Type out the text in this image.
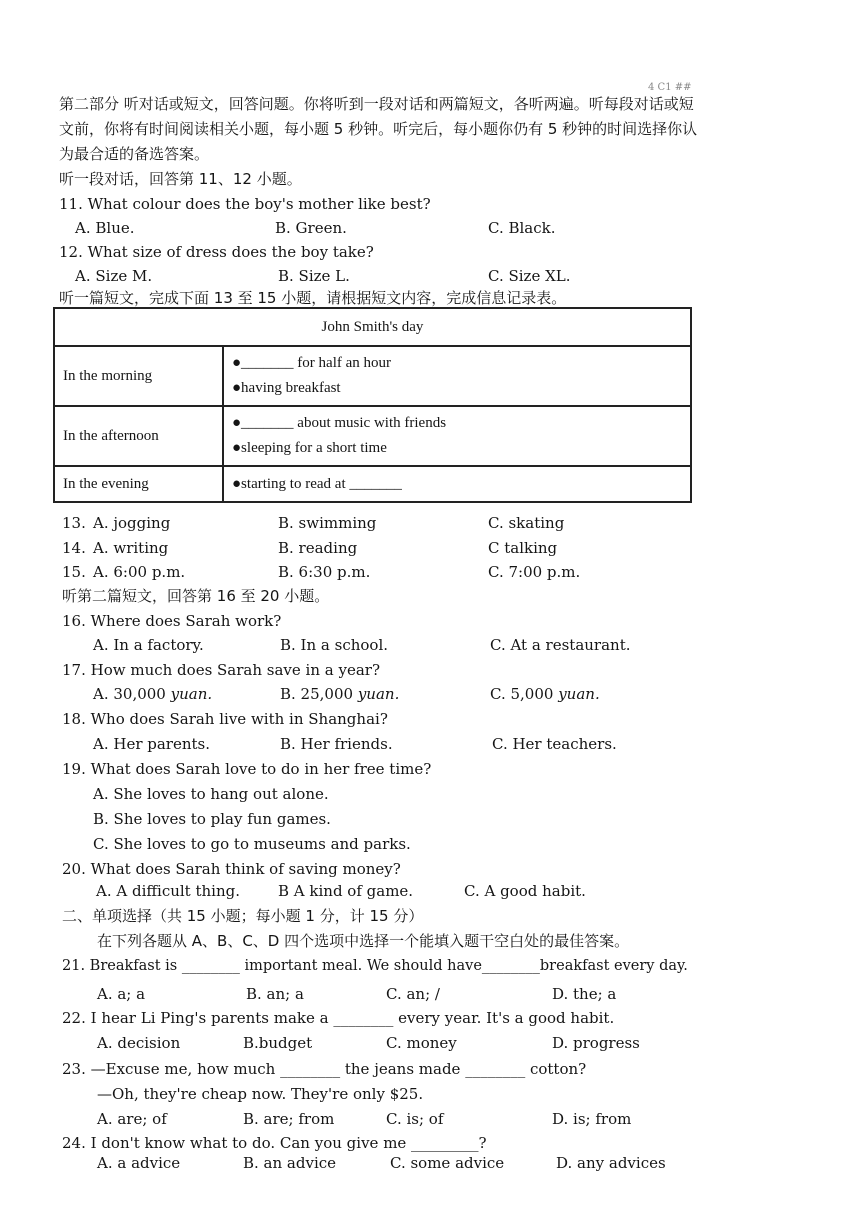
4 C1 ##
第二部分 听对话或短文，回答问题。你将听到一段对话和两篇短文，各听两遍。听每段对话或短
文前，你将有时间阅读相关小题，每小题 5 秒钟。听完后，每小题你仍有 5 秒钟的时间选择你认
为最合适的备选答案。
听一段对话，回答第 11、12 小题。
11. What colour does the boy's mother like best?
A. Blue.	B. Green.	C. Black.
12. What size of dress does the boy take?
A. Size M.	B. Size L.	C. Size XL.
听一篇短文，完成下面 13 至 15 小题，请根据短文内容，完成信息记录表。
John Smith's day	
In the morning	●_______ for half an hour
●having breakfast

In the afternoon	●_______ about music with friends
●sleeping for a short time

In the evening	●starting to read at _______
13. A. jogging	B. swimming	C. skating
14. A. writing	B. reading	C talking
15. A. 6:00 p.m.	B. 6:30 p.m.	C. 7:00 p.m.
听第二篇短文，回答第 16 至 20 小题。
16. Where does Sarah work?
A. In a factory.	B. In a school.	C. At a restaurant.
17. How much does Sarah save in a year?
A. 30,000 yuan.	B. 25,000 yuan.	C. 5,000 yuan.
18. Who does Sarah live with in Shanghai?
A. Her parents.	B. Her friends.	C. Her teachers.
19. What does Sarah love to do in her free time?
A. She loves to hang out alone.
B. She loves to play fun games.
C. She loves to go to museums and parks.
20. What does Sarah think of saving money?
A. A difficult thing.	B A kind of game.	C. A good habit.
二、单项选择（共 15 小题；每小题 1 分，计 15 分）
在下列各题从 A、B、C、D 四个选项中选择一个能填入题干空白处的最佳答案。
21. Breakfast is ________ important meal. We should have________breakfast every day.
A. a; a	B. an; a	C. an; /	D. the; a
22. I hear Li Ping's parents make a ________ every year. It's a good habit.
A. decision	B.budget	C. money	D. progress
23. —Excuse me, how much ________ the jeans made ________ cotton?
—Oh, they're cheap now. They're only $25.
A. are; of	B. are; from	C. is; of	D. is; from
24. I don't know what to do. Can you give me _________?
A. a advice	B. an advice	C. some advice	D. any advices
